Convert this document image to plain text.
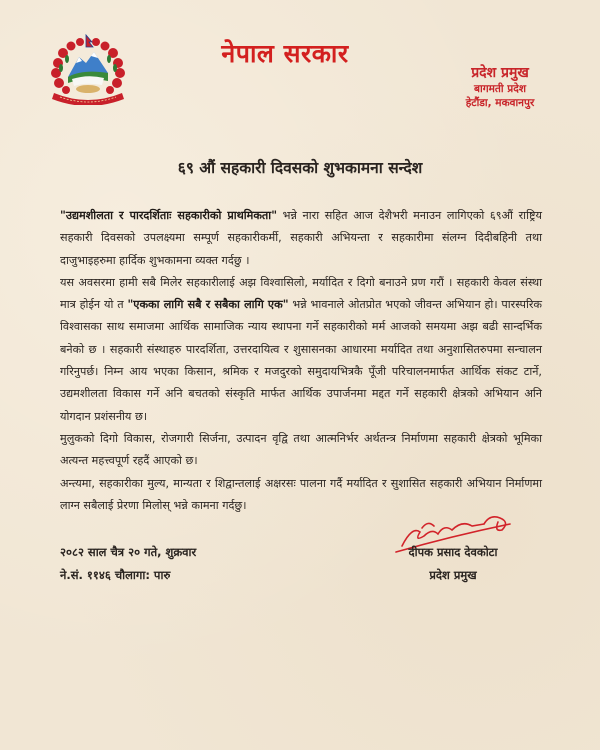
नेपाल सरकार
प्रदेश प्रमुख
बागमती प्रदेश
हेटौंडा, मकवानपुर
६९ औं सहकारी दिवसको शुभकामना सन्देश

"उद्यमशीलता र पारदर्शिताः सहकारीको प्राथमिकता" भन्ने नारा सहित आज देशैभरी मनाउन लागिएको ६९औं राष्ट्रिय सहकारी दिवसको उपलक्ष्यमा सम्पूर्ण सहकारीकर्मी, सहकारी अभियन्ता र सहकारीमा संलग्न दिदीबहिनी तथा दाजुभाइहरुमा हार्दिक शुभकामना व्यक्त गर्दछु ।

यस अवसरमा हामी सबै मिलेर सहकारीलाई अझ विश्वासिलो, मर्यादित र दिगो बनाउने प्रण गरौं । सहकारी केवल संस्था मात्र होईन यो त "एकका लागि सबै र सबैका लागि एक" भन्ने भावनाले ओतप्रोत भएको जीवन्त अभियान हो। पारस्परिक विश्वासका साथ समाजमा आर्थिक सामाजिक न्याय स्थापना गर्ने सहकारीको मर्म आजको समयमा अझ बढी सान्दर्भिक बनेको छ । सहकारी संस्थाहरु पारदर्शिता, उत्तरदायित्व र शुसासनका आधारमा मर्यादित तथा अनुशासितरुपमा सन्चालन गरिनुपर्छ। निम्न आय भएका किसान, श्रमिक र मजदुरको समुदायभित्रकै पूँजी परिचालनमार्फत आर्थिक संकट टार्ने, उद्यमशीलता विकास गर्ने अनि बचतको संस्कृति मार्फत आर्थिक उपार्जनमा मद्दत गर्ने सहकारी क्षेत्रको अभियान अनि योगदान प्रशंसनीय छ।

मुलुकको दिगो विकास, रोजगारी सिर्जना, उत्पादन वृद्वि तथा आत्मनिर्भर अर्थतन्त्र निर्माणमा सहकारी क्षेत्रको भूमिका अत्यन्त महत्त्वपूर्ण रहदैं आएको छ।

अन्त्यमा, सहकारीका मुल्य, मान्यता र शिद्वान्तलाई अक्षरसः पालना गर्दै मर्यादित र सुशासित सहकारी अभियान निर्माणमा लाग्न सबैलाई प्रेरणा मिलोस् भन्ने कामना गर्दछु।

२०८२ साल चैत्र २० गते, शुक्रवार
ने.सं. ११४६ चौलागा: पारु
दीपक प्रसाद देवकोटा
प्रदेश प्रमुख
